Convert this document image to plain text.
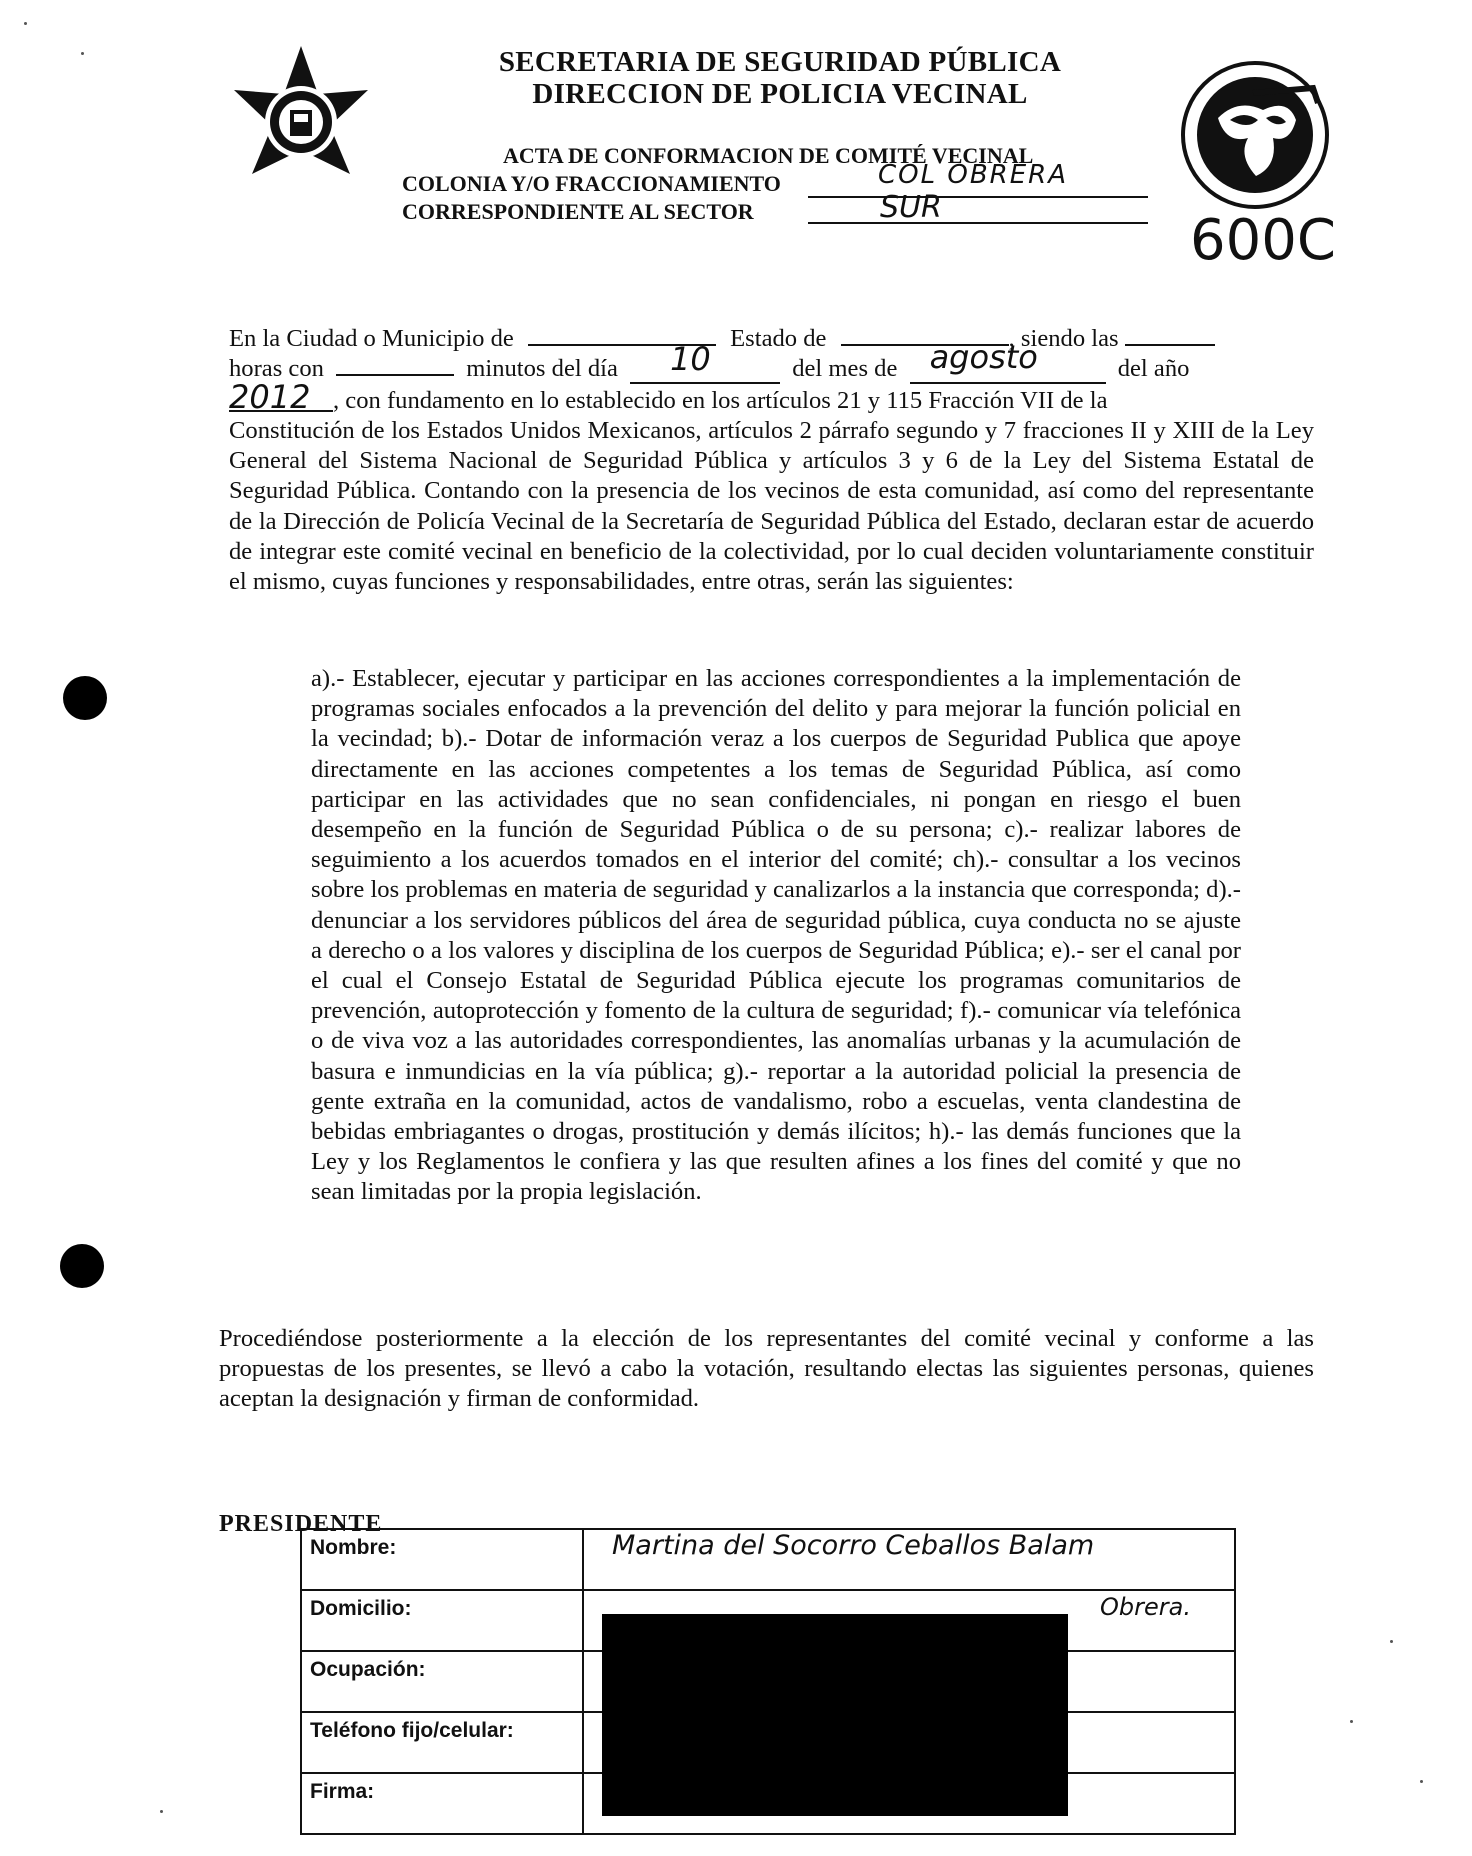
SECRETARIA DE SEGURIDAD PÚBLICA
DIRECCION DE POLICIA VECINAL
ACTA DE CONFORMACION DE COMITÉ VECINAL
COLONIA Y/O FRACCIONAMIENTO	COL OBRERA
CORRESPONDIENTE AL SECTOR	SUR
600C
En la Ciudad o Municipio de	Estado de	, siendo las
horas con	minutos del día 10	del mes de agosto	del año
2012 , con fundamento en lo establecido en los artículos 21 y 115 Fracción VII de la
Constitución de los Estados Unidos Mexicanos, artículos 2 párrafo segundo y 7 fracciones II y XIII de la Ley General del Sistema Nacional de Seguridad Pública y artículos 3 y 6 de la Ley del Sistema Estatal de Seguridad Pública. Contando con la presencia de los vecinos de esta comunidad, así como del representante de la Dirección de Policía Vecinal de la Secretaría de Seguridad Pública del Estado, declaran estar de acuerdo de integrar este comité vecinal en beneficio de la colectividad, por lo cual deciden voluntariamente constituir el mismo, cuyas funciones y responsabilidades, entre otras, serán las siguientes:
a).- Establecer, ejecutar y participar en las acciones correspondientes a la implementación de programas sociales enfocados a la prevención del delito y para mejorar la función policial en la vecindad; b).- Dotar de información veraz a los cuerpos de Seguridad Publica que apoye directamente en las acciones competentes a los temas de Seguridad Pública, así como participar en las actividades que no sean confidenciales, ni pongan en riesgo el buen desempeño en la función de Seguridad Pública o de su persona; c).- realizar labores de seguimiento a los acuerdos tomados en el interior del comité; ch).- consultar a los vecinos sobre los problemas en materia de seguridad y canalizarlos a la instancia que corresponda; d).- denunciar a los servidores públicos del área de seguridad pública, cuya conducta no se ajuste a derecho o a los valores y disciplina de los cuerpos de Seguridad Pública; e).- ser el canal por el cual el Consejo Estatal de Seguridad Pública ejecute los programas comunitarios de prevención, autoprotección y fomento de la cultura de seguridad; f).- comunicar vía telefónica o de viva voz a las autoridades correspondientes, las anomalías urbanas y la acumulación de basura e inmundicias en la vía pública; g).- reportar a la autoridad policial la presencia de gente extraña en la comunidad, actos de vandalismo, robo a escuelas, venta clandestina de bebidas embriagantes o drogas, prostitución y demás ilícitos; h).- las demás funciones que la Ley y los Reglamentos le confiera y las que resulten afines a los fines del comité y que no sean limitadas por la propia legislación.
Procediéndose posteriormente a la elección de los representantes del comité vecinal y conforme a las propuestas de los presentes, se llevó a cabo la votación, resultando electas las siguientes personas, quienes aceptan la designación y firman de conformidad.
PRESIDENTE
Nombre:	Martina del Socorro Ceballos Balam
Domicilio:	Obrera.
Ocupación:	
Teléfono fijo/celular:	
Firma:	
